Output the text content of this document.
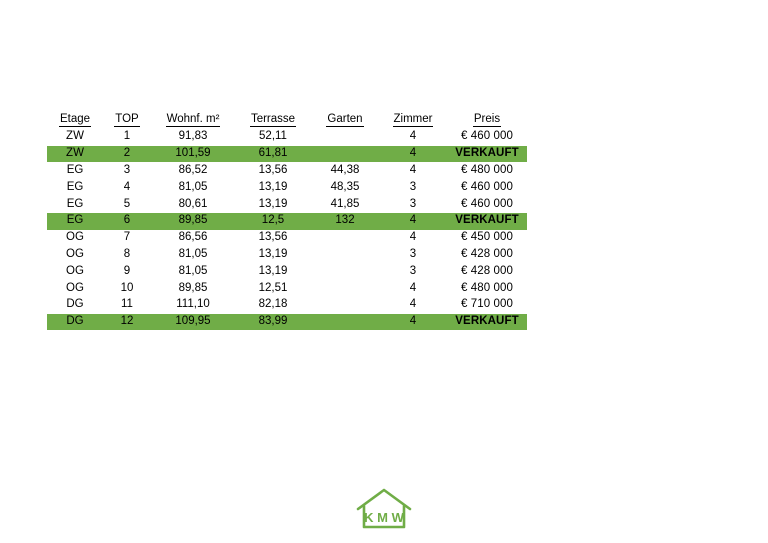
Etage	TOP	Wohnf. m²	Terrasse	Garten	Zimmer	Preis
ZW	1	91,83	52,11		4	€ 460 000
ZW	2	101,59	61,81		4	VERKAUFT
EG	3	86,52	13,56	44,38	4	€ 480 000
EG	4	81,05	13,19	48,35	3	€ 460 000
EG	5	80,61	13,19	41,85	3	€ 460 000
EG	6	89,85	12,5	132	4	VERKAUFT
OG	7	86,56	13,56		4	€ 450 000
OG	8	81,05	13,19		3	€ 428 000
OG	9	81,05	13,19		3	€ 428 000
OG	10	89,85	12,51		4	€ 480 000
DG	11	111,10	82,18		4	€ 710 000
DG	12	109,95	83,99		4	VERKAUFT
K M W
